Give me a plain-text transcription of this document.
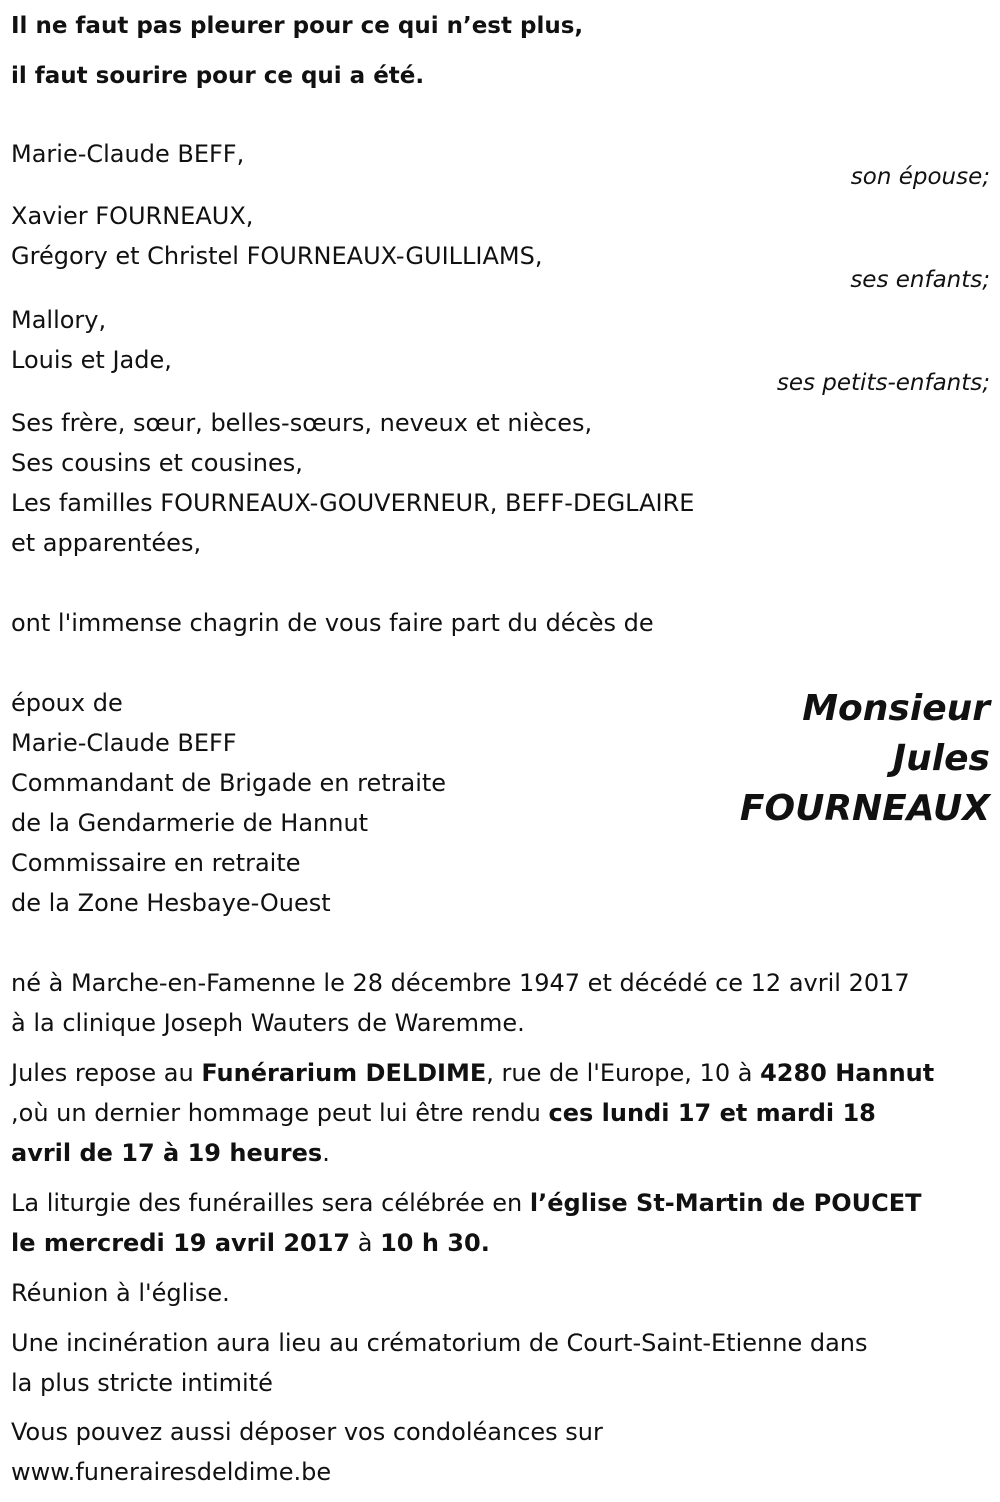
Il ne faut pas pleurer pour ce qui n’est plus,

il faut sourire pour ce qui a été.

Marie-Claude BEFF,

son épouse;

Xavier FOURNEAUX,

Grégory et Christel FOURNEAUX-GUILLIAMS,

ses enfants;

Mallory,

Louis et Jade,

ses petits-enfants;

Ses frère, sœur, belles-sœurs, neveux et nièces,

Ses cousins et cousines,

Les familles FOURNEAUX-GOUVERNEUR, BEFF-DEGLAIRE

et apparentées,

ont l'immense chagrin de vous faire part du décès de

époux de

Marie-Claude BEFF

Commandant de Brigade en retraite

de la Gendarmerie de Hannut

Commissaire en retraite

de la Zone Hesbaye-Ouest

Monsieur
Jules
FOURNEAUX

né à Marche-en-Famenne le 28 décembre 1947 et décédé ce 12 avril 2017

à la clinique Joseph Wauters de Waremme.

Jules repose au Funérarium DELDIME, rue de l'Europe, 10 à 4280 Hannut

,où un dernier hommage peut lui être rendu ces lundi 17 et mardi 18

avril de 17 à 19 heures.

La liturgie des funérailles sera célébrée en l’église St-Martin de POUCET

le mercredi 19 avril 2017 à 10 h 30.

Réunion à l'église.

Une incinération aura lieu au crématorium de Court-Saint-Etienne dans

la plus stricte intimité

Vous pouvez aussi déposer vos condoléances sur

www.funerairesdeldime.be
